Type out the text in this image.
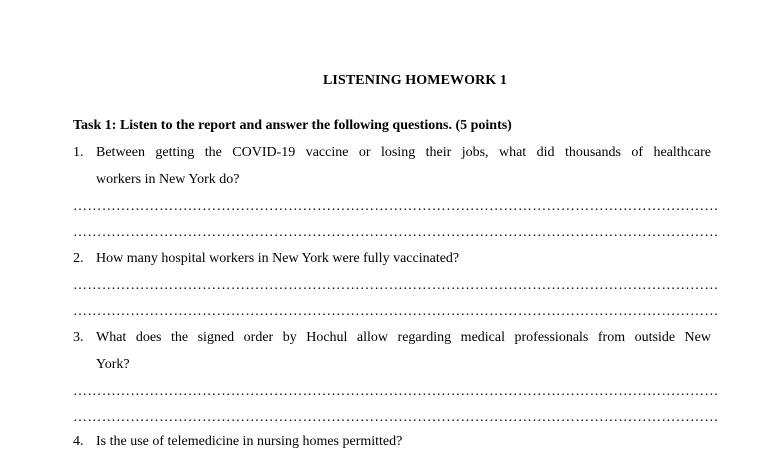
LISTENING HOMEWORK 1
Task 1: Listen to the report and answer the following questions. (5 points)
1. Between getting the COVID-19 vaccine or losing their jobs, what did thousands of healthcare
workers in New York do?
………………………………………………………………………………………………………………………
………………………………………………………………………………………………………………………
2. How many hospital workers in New York were fully vaccinated?
………………………………………………………………………………………………………………………
………………………………………………………………………………………………………………………
3. What does the signed order by Hochul allow regarding medical professionals from outside New
York?
………………………………………………………………………………………………………………………
………………………………………………………………………………………………………………………
4. Is the use of telemedicine in nursing homes permitted?
